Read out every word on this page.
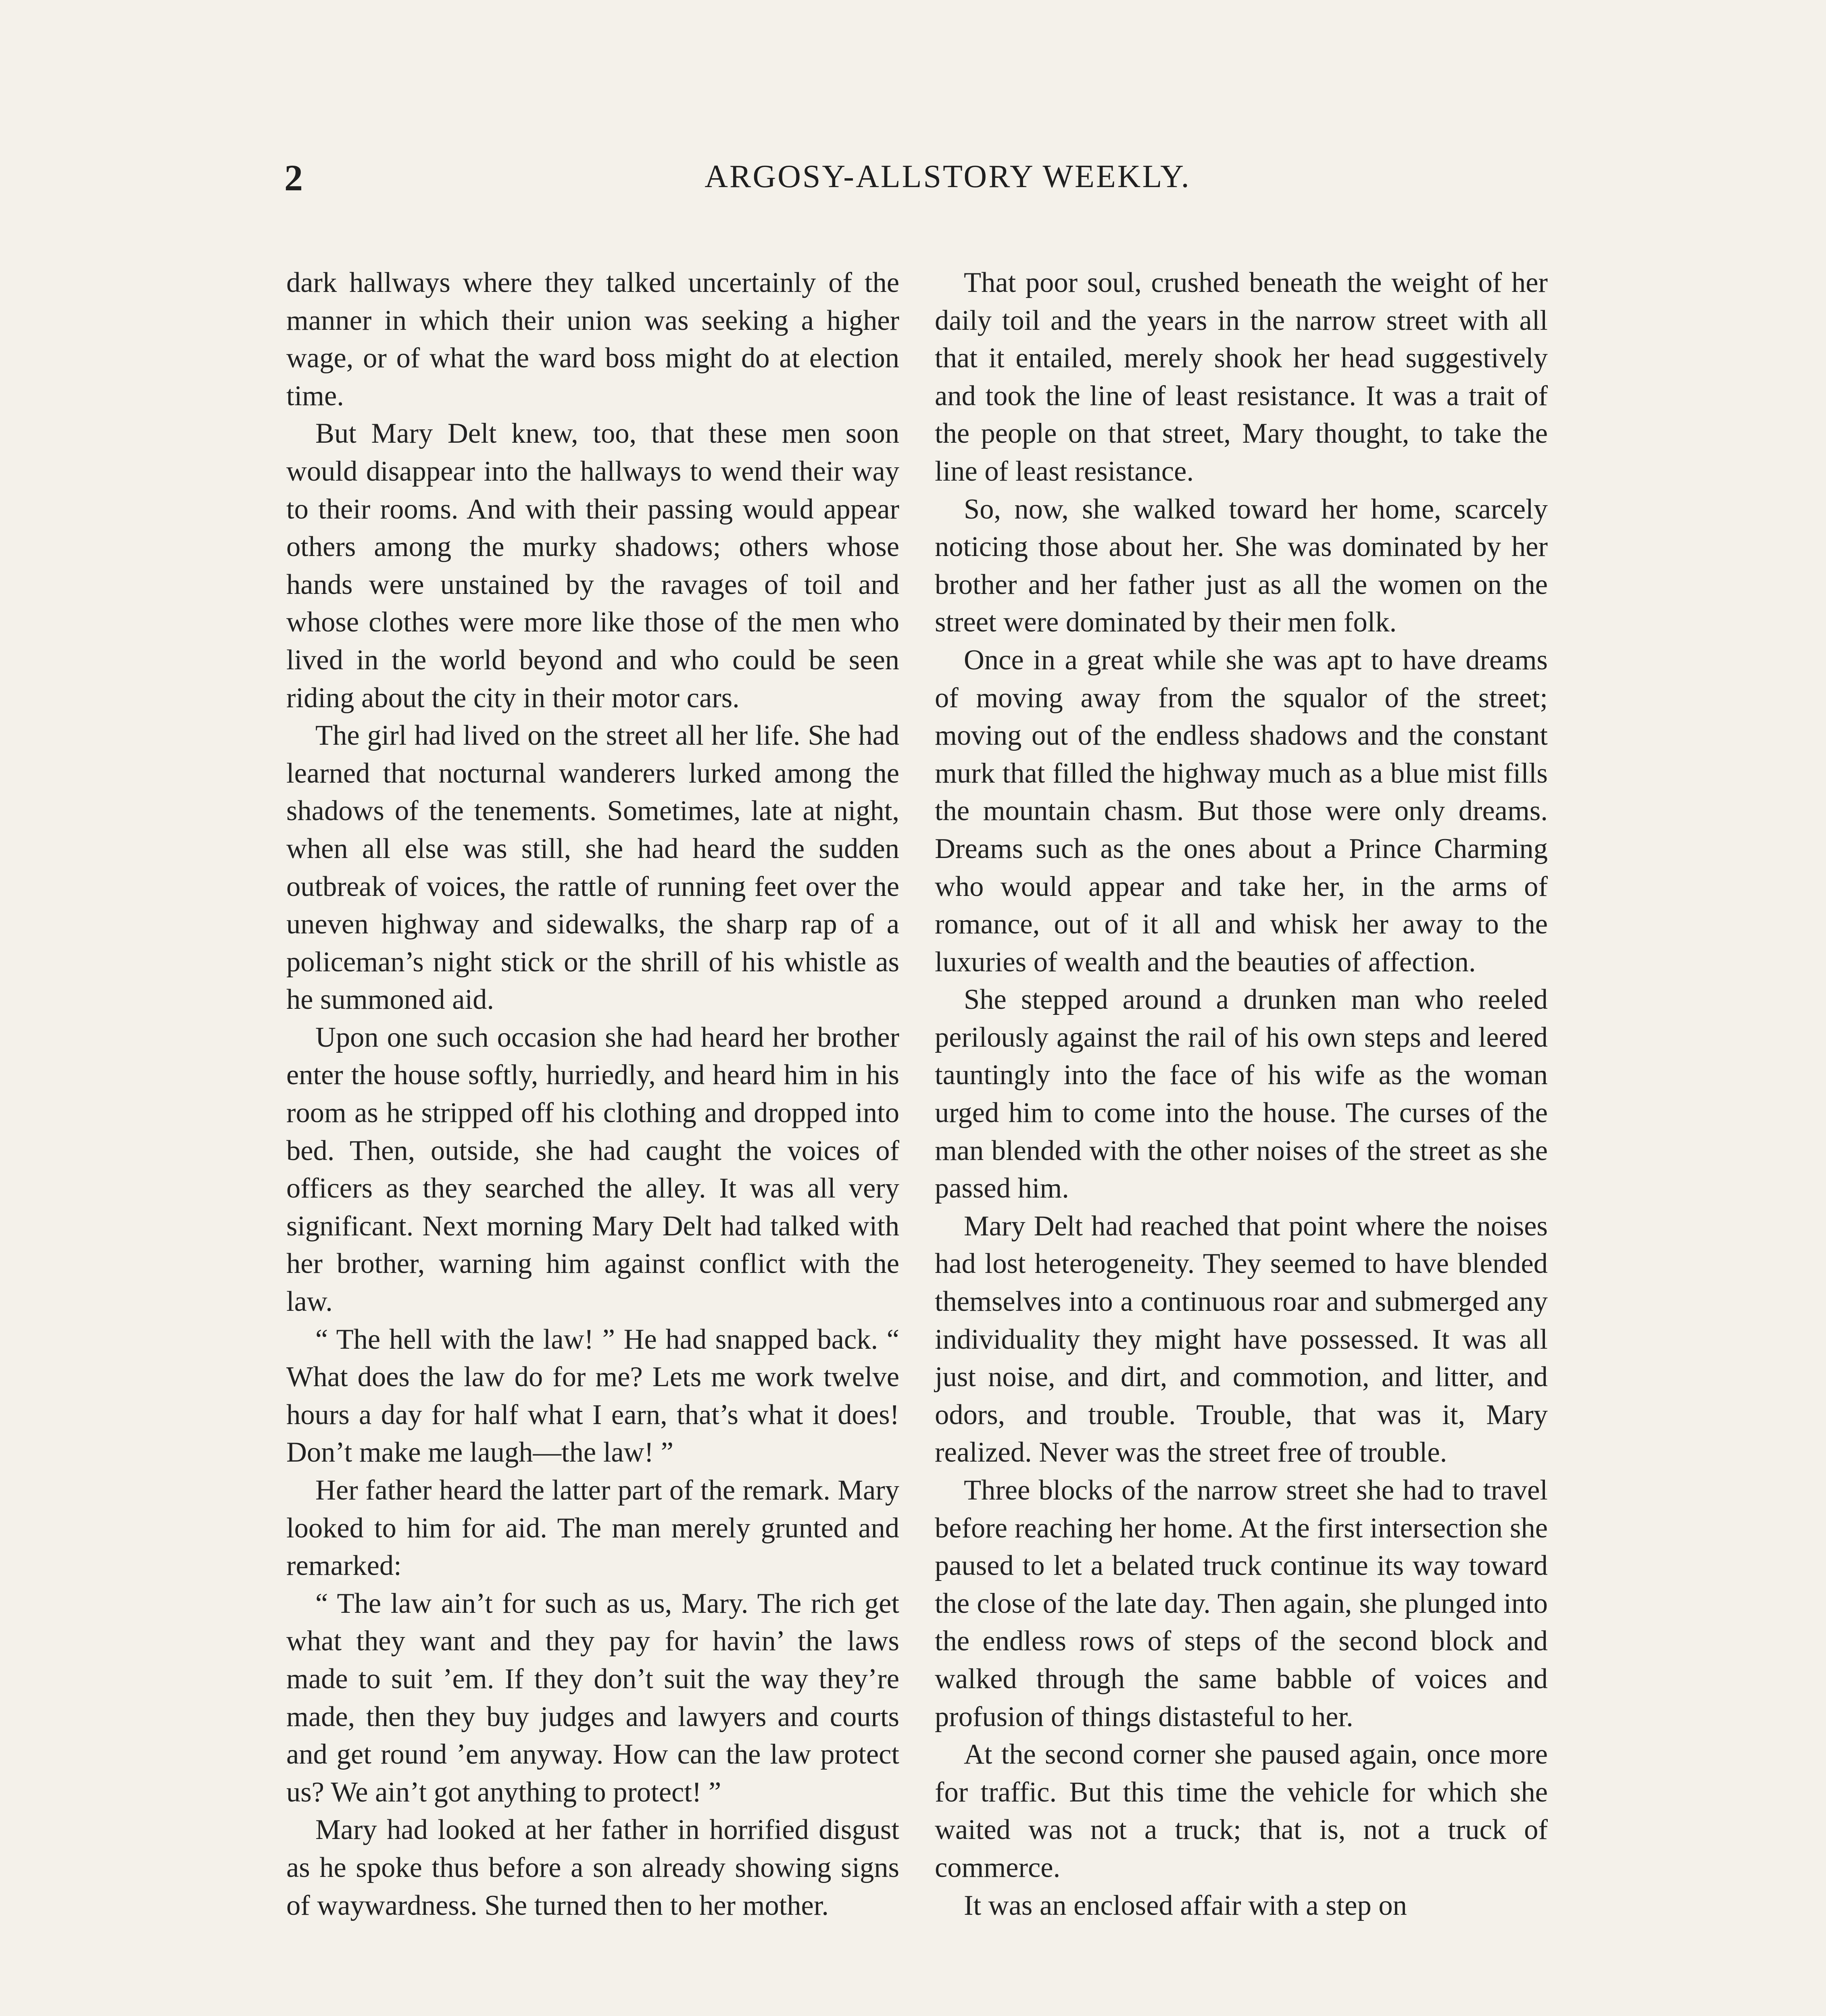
2	ARGOSY-ALLSTORY WEEKLY.

dark hallways where they talked uncertainly of the manner in which their union was seeking a higher wage, or of what the ward boss might do at election time.

But Mary Delt knew, too, that these men soon would disappear into the hallways to wend their way to their rooms. And with their passing would appear others among the murky shadows; others whose hands were unstained by the ravages of toil and whose clothes were more like those of the men who lived in the world beyond and who could be seen riding about the city in their motor cars.

The girl had lived on the street all her life. She had learned that nocturnal wanderers lurked among the shadows of the tenements. Sometimes, late at night, when all else was still, she had heard the sudden outbreak of voices, the rattle of running feet over the uneven highway and sidewalks, the sharp rap of a policeman’s night stick or the shrill of his whistle as he summoned aid.

Upon one such occasion she had heard her brother enter the house softly, hurriedly, and heard him in his room as he stripped off his clothing and dropped into bed. Then, outside, she had caught the voices of officers as they searched the alley. It was all very significant. Next morning Mary Delt had talked with her brother, warning him against conflict with the law.

“ The hell with the law! ” He had snapped back. “ What does the law do for me? Lets me work twelve hours a day for half what I earn, that’s what it does! Don’t make me laugh—the law! ”

Her father heard the latter part of the remark. Mary looked to him for aid. The man merely grunted and remarked:

“ The law ain’t for such as us, Mary. The rich get what they want and they pay for havin’ the laws made to suit ’em. If they don’t suit the way they’re made, then they buy judges and lawyers and courts and get round ’em anyway. How can the law protect us? We ain’t got anything to protect! ”

Mary had looked at her father in horrified disgust as he spoke thus before a son already showing signs of waywardness. She turned then to her mother.

That poor soul, crushed beneath the weight of her daily toil and the years in the narrow street with all that it entailed, merely shook her head suggestively and took the line of least resistance. It was a trait of the people on that street, Mary thought, to take the line of least resistance.

So, now, she walked toward her home, scarcely noticing those about her. She was dominated by her brother and her father just as all the women on the street were dominated by their men folk.

Once in a great while she was apt to have dreams of moving away from the squalor of the street; moving out of the endless shadows and the constant murk that filled the highway much as a blue mist fills the mountain chasm. But those were only dreams. Dreams such as the ones about a Prince Charming who would appear and take her, in the arms of romance, out of it all and whisk her away to the luxuries of wealth and the beauties of affection.

She stepped around a drunken man who reeled perilously against the rail of his own steps and leered tauntingly into the face of his wife as the woman urged him to come into the house. The curses of the man blended with the other noises of the street as she passed him.

Mary Delt had reached that point where the noises had lost heterogeneity. They seemed to have blended themselves into a continuous roar and submerged any individuality they might have possessed. It was all just noise, and dirt, and commotion, and litter, and odors, and trouble. Trouble, that was it, Mary realized. Never was the street free of trouble.

Three blocks of the narrow street she had to travel before reaching her home. At the first intersection she paused to let a belated truck continue its way toward the close of the late day. Then again, she plunged into the endless rows of steps of the second block and walked through the same babble of voices and profusion of things distasteful to her.

At the second corner she paused again, once more for traffic. But this time the vehicle for which she waited was not a truck; that is, not a truck of commerce.

It was an enclosed affair with a step on
